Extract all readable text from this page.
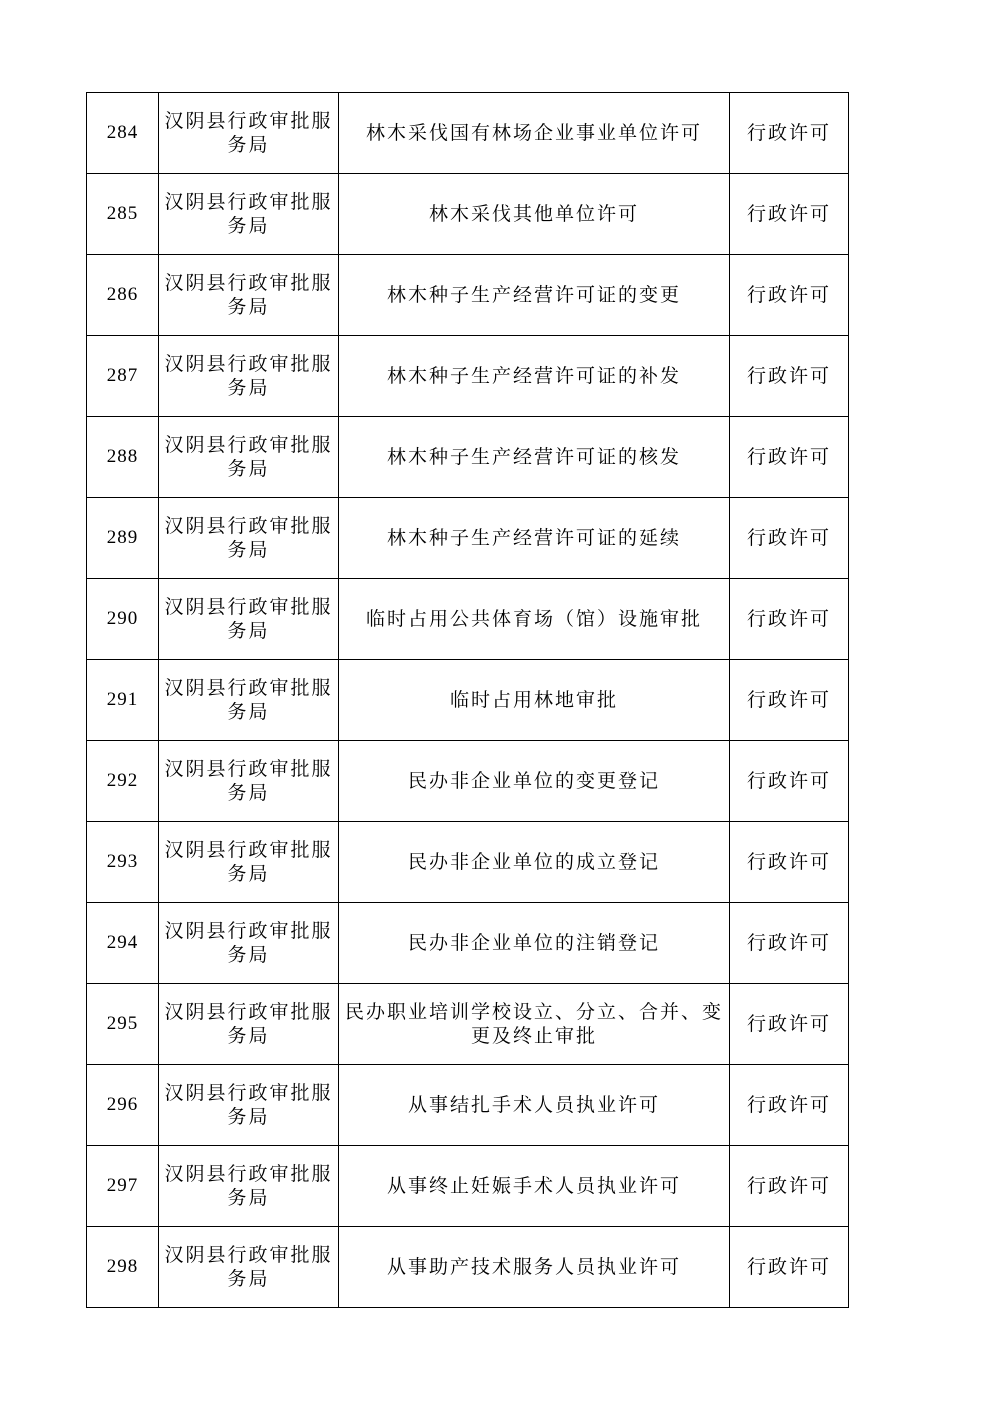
284	汉阴县行政审批服务局	林木采伐国有林场企业事业单位许可	行政许可
285	汉阴县行政审批服务局	林木采伐其他单位许可	行政许可
286	汉阴县行政审批服务局	林木种子生产经营许可证的变更	行政许可
287	汉阴县行政审批服务局	林木种子生产经营许可证的补发	行政许可
288	汉阴县行政审批服务局	林木种子生产经营许可证的核发	行政许可
289	汉阴县行政审批服务局	林木种子生产经营许可证的延续	行政许可
290	汉阴县行政审批服务局	临时占用公共体育场（馆）设施审批	行政许可
291	汉阴县行政审批服务局	临时占用林地审批	行政许可
292	汉阴县行政审批服务局	民办非企业单位的变更登记	行政许可
293	汉阴县行政审批服务局	民办非企业单位的成立登记	行政许可
294	汉阴县行政审批服务局	民办非企业单位的注销登记	行政许可
295	汉阴县行政审批服务局	民办职业培训学校设立、分立、合并、变更及终止审批	行政许可
296	汉阴县行政审批服务局	从事结扎手术人员执业许可	行政许可
297	汉阴县行政审批服务局	从事终止妊娠手术人员执业许可	行政许可
298	汉阴县行政审批服务局	从事助产技术服务人员执业许可	行政许可
